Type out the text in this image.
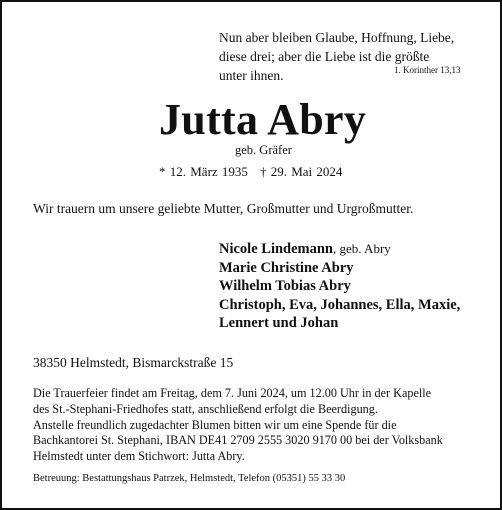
Nun aber bleiben Glaube, Hoffnung, Liebe,
diese drei; aber die Liebe ist die größte
unter ihnen.	1. Korinther 13,13
Jutta Abry
geb. Gräfer
* 12. März 1935 † 29. Mai 2024
Wir trauern um unsere geliebte Mutter, Großmutter und Urgroßmutter.
Nicole Lindemann, geb. Abry
Marie Christine Abry
Wilhelm Tobias Abry
Christoph, Eva, Johannes, Ella, Maxie,
Lennert und Johan
38350 Helmstedt, Bismarckstraße 15
Die Trauerfeier findet am Freitag, dem 7. Juni 2024, um 12.00 Uhr in der Kapelle
des St.-Stephani-Friedhofes statt, anschließend erfolgt die Beerdigung.
Anstelle freundlich zugedachter Blumen bitten wir um eine Spende für die
Bachkantorei St. Stephani, IBAN DE41 2709 2555 3020 9170 00 bei der Volksbank
Helmstedt unter dem Stichwort: Jutta Abry.
Betreuung: Bestattungshaus Patrzek, Helmstedt, Telefon (05351) 55 33 30
